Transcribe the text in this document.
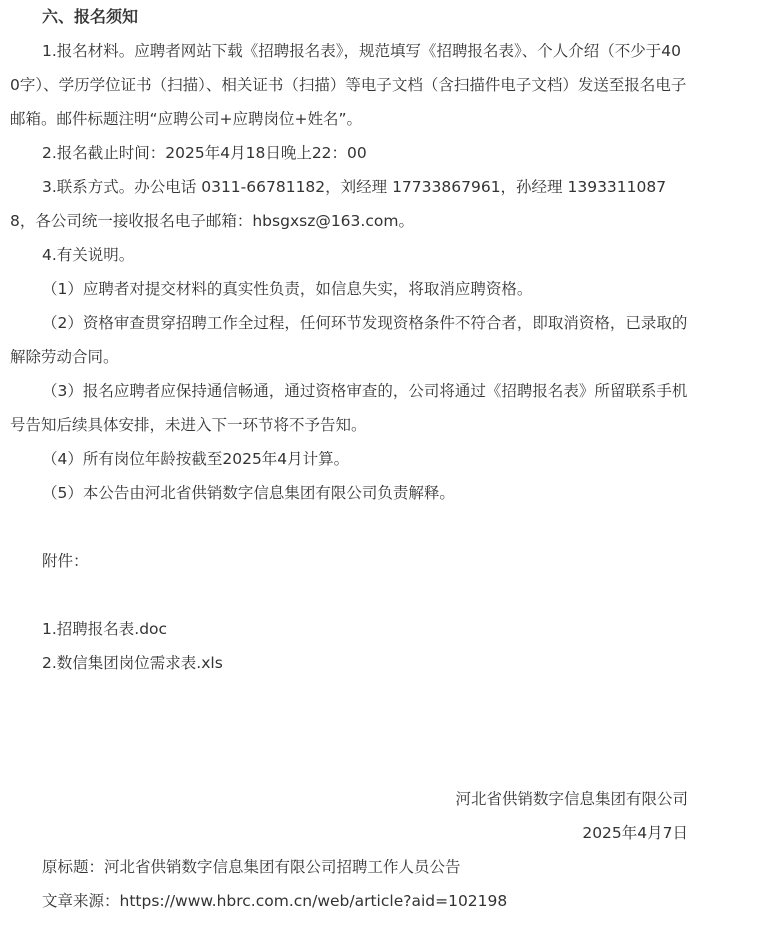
六、报名须知

1.报名材料。应聘者网站下载《招聘报名表》，规范填写《招聘报名表》、个人介绍（不少于400字）、学历学位证书（扫描）、相关证书（扫描）等电子文档（含扫描件电子文档）发送至报名电子邮箱。邮件标题注明“应聘公司+应聘岗位+姓名”。

2.报名截止时间：2025年4月18日晚上22：00

3.联系方式。办公电话 0311-66781182，刘经理 17733867961，孙经理 13933110878，各公司统一接收报名电子邮箱：hbsgxsz@163.com。

4.有关说明。

（1）应聘者对提交材料的真实性负责，如信息失实，将取消应聘资格。

（2）资格审查贯穿招聘工作全过程，任何环节发现资格条件不符合者，即取消资格，已录取的解除劳动合同。

（3）报名应聘者应保持通信畅通，通过资格审查的，公司将通过《招聘报名表》所留联系手机号告知后续具体安排，未进入下一环节将不予告知。

（4）所有岗位年龄按截至2025年4月计算。

（5）本公告由河北省供销数字信息集团有限公司负责解释。

附件：

1.招聘报名表.doc

2.数信集团岗位需求表.xls

河北省供销数字信息集团有限公司

2025年4月7日

原标题：河北省供销数字信息集团有限公司招聘工作人员公告

文章来源：https://www.hbrc.com.cn/web/article?aid=102198
